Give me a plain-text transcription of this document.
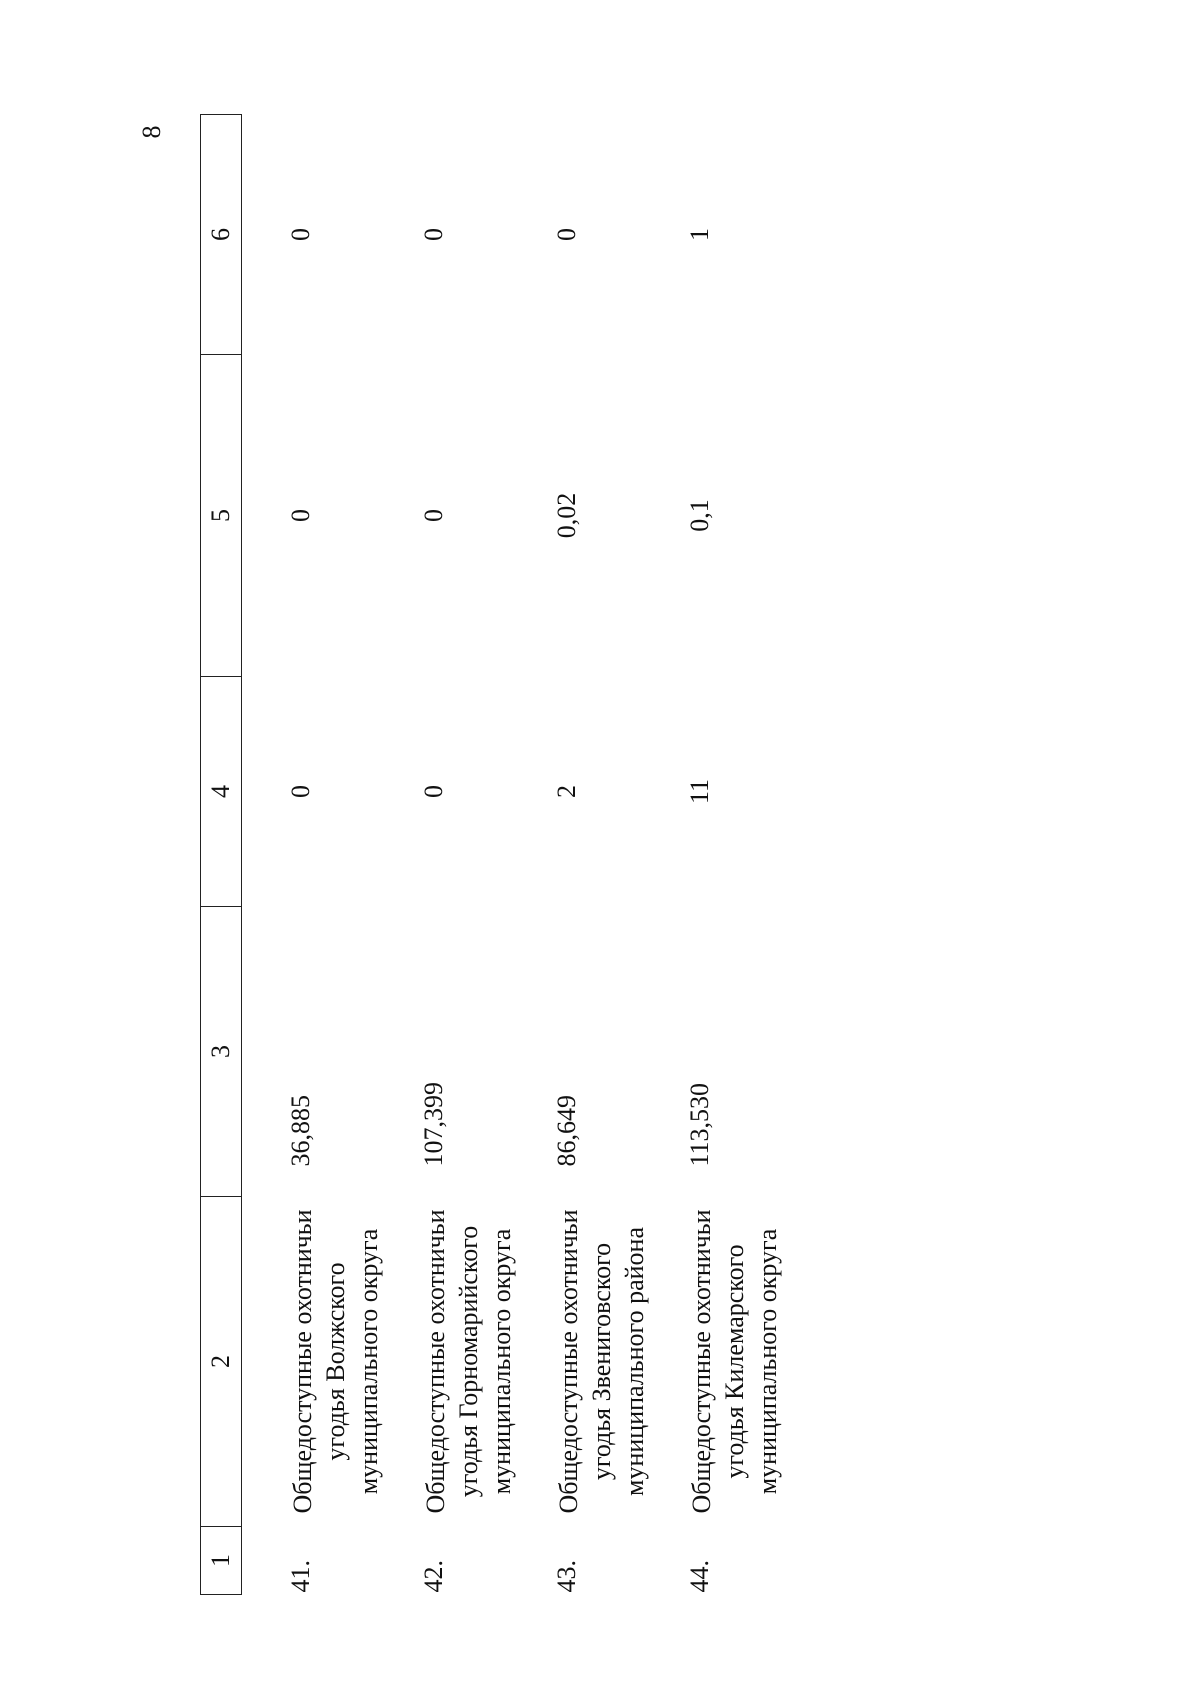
8
1	2	3	4	5	6
41.	Общедоступные охотничьи угодья Волжского муниципального округа	36,885	0	0	0
42.	Общедоступные охотничьи угодья Горномарийского муниципального округа	107,399	0	0	0
43.	Общедоступные охотничьи угодья Звениговского муниципального района	86,649	2	0,02	0
44.	Общедоступные охотничьи угодья Килемарского муниципального округа	113,530	11	0,1	1
